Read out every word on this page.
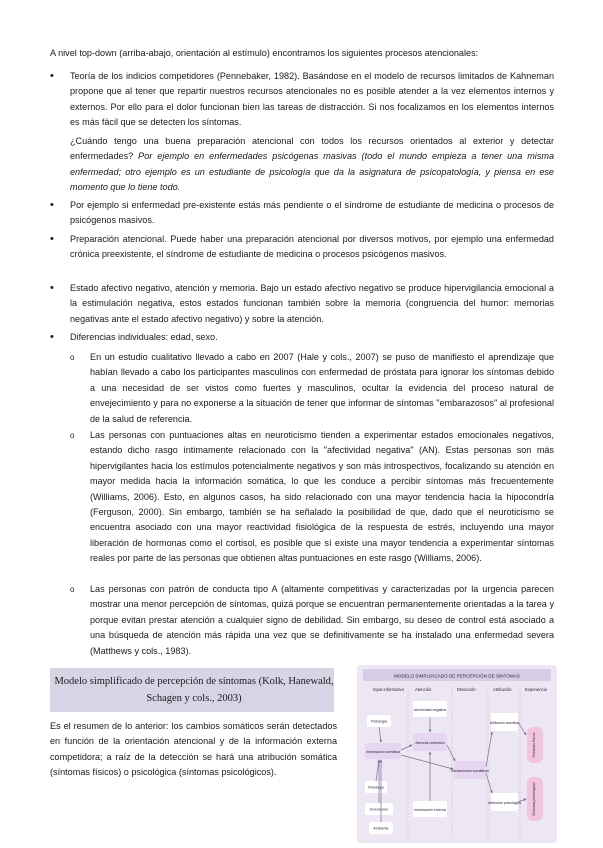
A nivel top-down (arriba-abajo, orientación al estímulo) encontramos los siguientes procesos atencionales:
• Teoría de los indicios competidores (Pennebaker, 1982). Basándose en el modelo de recursos limitados de Kahneman propone que al tener que repartir nuestros recursos atencionales no es posible atender a la vez elementos internos y externos. Por ello para el dolor funcionan bien las tareas de distracción. Si nos focalizamos en los elementos internos es más fácil que se detecten los síntomas.
¿Cuándo tengo una buena preparación atencional con todos los recursos orientados al exterior y detectar enfermedades? Por ejemplo en enfermedades psicógenas masivas (todo el mundo empieza a tener una misma enfermedad; otro ejemplo es un estudiante de psicología que da la asignatura de psicopatología, y piensa en ese momento que lo tiene todo.
• Por ejemplo si enfermedad pre-existente estás más pendiente o el síndrome de estudiante de medicina o procesos de psicógenos masivos.
• Preparación atencional. Puede haber una preparación atencional por diversos motivos, por ejemplo una enfermedad crónica preexistente, el síndrome de estudiante de medicina o procesos psicógenos masivos.
• Estado afectivo negativo, atención y memoria. Bajo un estado afectivo negativo se produce hipervigilancia emocional a la estimulación negativa, estos estados funcionan también sobre la memoria (congruencia del humor: memorias negativas ante el estado afectivo negativo) y sobre la atención.
• Diferencias individuales: edad, sexo.
o En un estudio cualitativo llevado a cabo en 2007 (Hale y cols., 2007) se puso de manifiesto el aprendizaje que habían llevado a cabo los participantes masculinos con enfermedad de próstata para ignorar los síntomas debido a una necesidad de ser vistos como fuertes y masculinos, ocultar la evidencia del proceso natural de envejecimiento y para no exponerse a la situación de tener que informar de síntomas "embarazosos" al profesional de la salud de referencia.
o Las personas con puntuaciones altas en neuroticismo tienden a experimentar estados emocionales negativos, estando dicho rasgo íntimamente relacionado con la "afectividad negativa" (AN). Estas personas son más hipervigilantes hacia los estímulos potencialmente negativos y son más introspectivos, focalizando su atención en mayor medida hacia la información somática, lo que les conduce a percibir síntomas más frecuentemente (Williams, 2006). Esto, en algunos casos, ha sido relacionado con una mayor tendencia hacia la hipocondría (Ferguson, 2000). Sin embargo, también se ha señalado la posibilidad de que, dado que el neuroticismo se encuentra asociado con una mayor reactividad fisiológica de la respuesta de estrés, incluyendo una mayor liberación de hormonas como el cortisol, es posible que sí existe una mayor tendencia a experimentar síntomas reales por parte de las personas que obtienen altas puntuaciones en este rasgo (Williams, 2006).
o Las personas con patrón de conducta tipo A (altamente competitivas y caracterizadas por la urgencia parecen mostrar una menor percepción de síntomas, quizá porque se encuentran permanentemente orientadas a la tarea y porque evitan prestar atención a cualquier signo de debilidad. Sin embargo, su deseo de control está asociado a una búsqueda de atención más rápida una vez que se definitivamente se ha instalado una enfermedad severa (Matthews y cols., 1983).
Modelo simplificado de percepción de síntomas (Kolk, Hanewald, Schagen y cols., 2003)
Es el resumen de lo anterior: los cambios somáticos serán detectados en función de la orientación atencional y de la información externa competidora; a raíz de la detección se hará una atribución somática (síntomas físicos) o psicológica (síntomas psicológicos).
MODELO SIMPLIFICADO DE PERCEPCIÓN DE SÍNTOMAS
Input informativo	Atención	Detección	Atribución	Experiencia
Patología
Información somática
Fisiología
Emociones
Ambiente
Afectividad negativa
Atención selectiva
Información externa
Sensaciones somáticas
Atribución somática
Atribución psicológica
Síntomas físicos
Síntomas psicológicos
